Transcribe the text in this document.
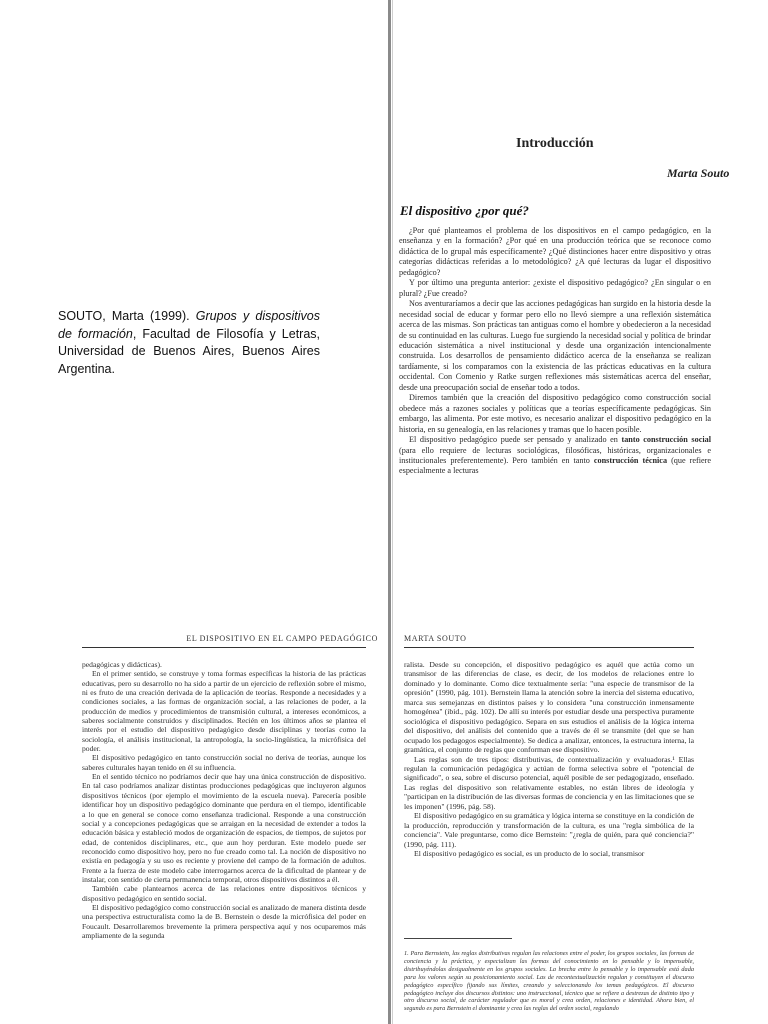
SOUTO, Marta (1999). Grupos y dispositivos de formación, Facultad de Filosofía y Letras, Universidad de Buenos Aires, Buenos Aires Argentina.
Introducción
Marta Souto
El dispositivo ¿por qué?

¿Por qué planteamos el problema de los dispositivos en el campo pedagógico, en la enseñanza y en la formación? ¿Por qué en una producción teórica que se reconoce como didáctica de lo grupal más específicamente? ¿Qué distinciones hacer entre dispositivo y otras categorías didácticas referidas a lo metodológico? ¿A qué lecturas da lugar el dispositivo pedagógico?

Y por último una pregunta anterior: ¿existe el dispositivo pedagógico? ¿En singular o en plural? ¿Fue creado?

Nos aventuraríamos a decir que las acciones pedagógicas han surgido en la historia desde la necesidad social de educar y formar pero ello no llevó siempre a una reflexión sistemática acerca de las mismas. Son prácticas tan antiguas como el hombre y obedecieron a la necesidad de su continuidad en las culturas. Luego fue surgiendo la necesidad social y política de brindar educación sistemática a nivel institucional y desde una organización intencionalmente construida. Los desarrollos de pensamiento didáctico acerca de la enseñanza se realizan tardíamente, si los comparamos con la existencia de las prácticas educativas en la cultura occidental. Con Comenio y Ratke surgen reflexiones más sistemáticas acerca del enseñar, desde una preocupación social de enseñar todo a todos.

Diremos también que la creación del dispositivo pedagógico como construcción social obedece más a razones sociales y políticas que a teorías específicamente pedagógicas. Sin embargo, las alimenta. Por este motivo, es necesario analizar el dispositivo pedagógico en la historia, en su genealogía, en las relaciones y tramas que lo hacen posible.

El dispositivo pedagógico puede ser pensado y analizado en tanto construcción social (para ello requiere de lecturas sociológicas, filosóficas, históricas, organizacionales e institucionales preferentemente). Pero también en tanto construcción técnica (que refiere especialmente a lecturas

EL DISPOSITIVO EN EL CAMPO PEDAGÓGICO

pedagógicas y didácticas).

En el primer sentido, se construye y toma formas específicas la historia de las prácticas educativas, pero su desarrollo no ha sido a partir de un ejercicio de reflexión sobre el mismo, ni es fruto de una creación derivada de la aplicación de teorías. Responde a necesidades y a condiciones sociales, a las formas de organización social, a las relaciones de poder, a la producción de medios y procedimientos de transmisión cultural, a intereses económicos, a saberes socialmente construidos y disciplinados. Recién en los últimos años se plantea el interés por el estudio del dispositivo pedagógico desde disciplinas y teorías como la sociología, el análisis institucional, la antropología, la socio-lingüística, la micrófisica del poder.

El dispositivo pedagógico en tanto construcción social no deriva de teorías, aunque los saberes culturales hayan tenido en él su influencia.

En el sentido técnico no podríamos decir que hay una única construcción de dispositivo. En tal caso podríamos analizar distintas producciones pedagógicas que incluyeron algunos dispositivos técnicos (por ejemplo el movimiento de la escuela nueva). Parecería posible identificar hoy un dispositivo pedagógico dominante que perdura en el tiempo, identificable a lo que en general se conoce como enseñanza tradicional. Responde a una construcción social y a concepciones pedagógicas que se arraigan en la necesidad de extender a todos la educación básica y estableció modos de organización de espacios, de tiempos, de sujetos por edad, de contenidos disciplinares, etc., que aun hoy perduran. Este modelo puede ser reconocido como dispositivo hoy, pero no fue creado como tal. La noción de dispositivo no existía en pedagogía y su uso es reciente y proviene del campo de la formación de adultos. Frente a la fuerza de este modelo cabe interrogarnos acerca de la dificultad de plantear y de instalar, con sentido de cierta permanencia temporal, otros dispositivos distintos a él.

También cabe plantearnos acerca de las relaciones entre dispositivos técnicos y dispositivo pedagógico en sentido social.

El dispositivo pedagógico como construcción social es analizado de manera distinta desde una perspectiva estructuralista como la de B. Bernstein o desde la micrófisica del poder en Foucault. Desarrollaremos brevemente la primera perspectiva aquí y nos ocuparemos más ampliamente de la segunda

MARTA SOUTO

ralista. Desde su concepción, el dispositivo pedagógico es aquél que actúa como un transmisor de las diferencias de clase, es decir, de los modelos de relaciones entre lo dominado y lo dominante. Como dice textualmente sería: "una especie de transmisor de la opresión" (1990, pág. 101). Bernstein llama la atención sobre la inercia del sistema educativo, marca sus semejanzas en distintos países y lo considera "una construcción inmensamente homogénea" (ibid., pág. 102). De allí su interés por estudiar desde una perspectiva puramente sociológica el dispositivo pedagógico. Separa en sus estudios el análisis de la lógica interna del dispositivo, del análisis del contenido que a través de él se transmite (del que se han ocupado los pedagogos especialmente). Se dedica a analizar, entonces, la estructura interna, la gramática, el conjunto de reglas que conforman ese dispositivo.

Las reglas son de tres tipos: distributivas, de contextualización y evaluadoras.¹ Ellas regulan la comunicación pedagógica y actúan de forma selectiva sobre el "potencial de significado", o sea, sobre el discurso potencial, aquél posible de ser pedagogizado, enseñado. Las reglas del dispositivo son relativamente estables, no están libres de ideología y "participan en la distribución de las diversas formas de conciencia y en las limitaciones que se les imponen" (1996, pág. 58).

El dispositivo pedagógico en su gramática y lógica interna se constituye en la condición de la producción, reproducción y transformación de la cultura, es una "regla simbólica de la conciencia". Vale preguntarse, como dice Bernstein: "¿regla de quién, para qué conciencia?" (1990, pág. 111).

El dispositivo pedagógico es social, es un producto de lo social, transmisor

1. Para Bernstein, las reglas distributivas regulan las relaciones entre el poder, los grupos sociales, las formas de conciencia y la práctica, y especializan las formas del conocimiento en lo pensable y lo impensable, distribuyéndolas desigualmente en los grupos sociales. La brecha entre lo pensable y lo impensable está dada para los valores según su posicionamiento social. Las de recontextualización regulan y constituyen el discurso pedagógico específico fijando sus límites, creando y seleccionando los temas pedagógicos. El discurso pedagógico incluye dos discursos distintos: uno instruccional, técnico que se refiere a destrezas de distinto tipo y otro discurso social, de carácter regulador que es moral y crea orden, relaciones e identidad. Ahora bien, el segundo es para Bernstein el dominante y crea las reglas del orden social, regulando
